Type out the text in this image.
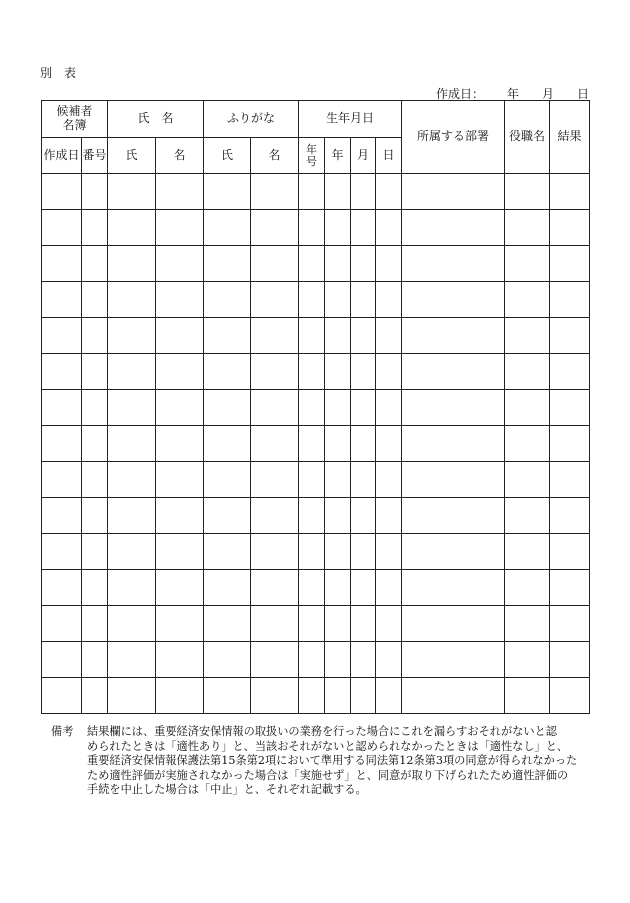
別　表
作成日： 年 月 日
候補者名簿		氏　名		ふりがな		生年月日				所属する部署	役職名	結果
作成日	番号	氏	名	氏	名	年号	年	月	日			

備考 結果欄には、重要経済安保情報の取扱いの業務を行った場合にこれを漏らすおそれがないと認
められたときは「適性あり」と、当該おそれがないと認められなかったときは「適性なし」と、
重要経済安保情報保護法第15条第2項において準用する同法第12条第3項の同意が得られなかった
ため適性評価が実施されなかった場合は「実施せず」と、同意が取り下げられたため適性評価の
手続を中止した場合は「中止」と、それぞれ記載する。
